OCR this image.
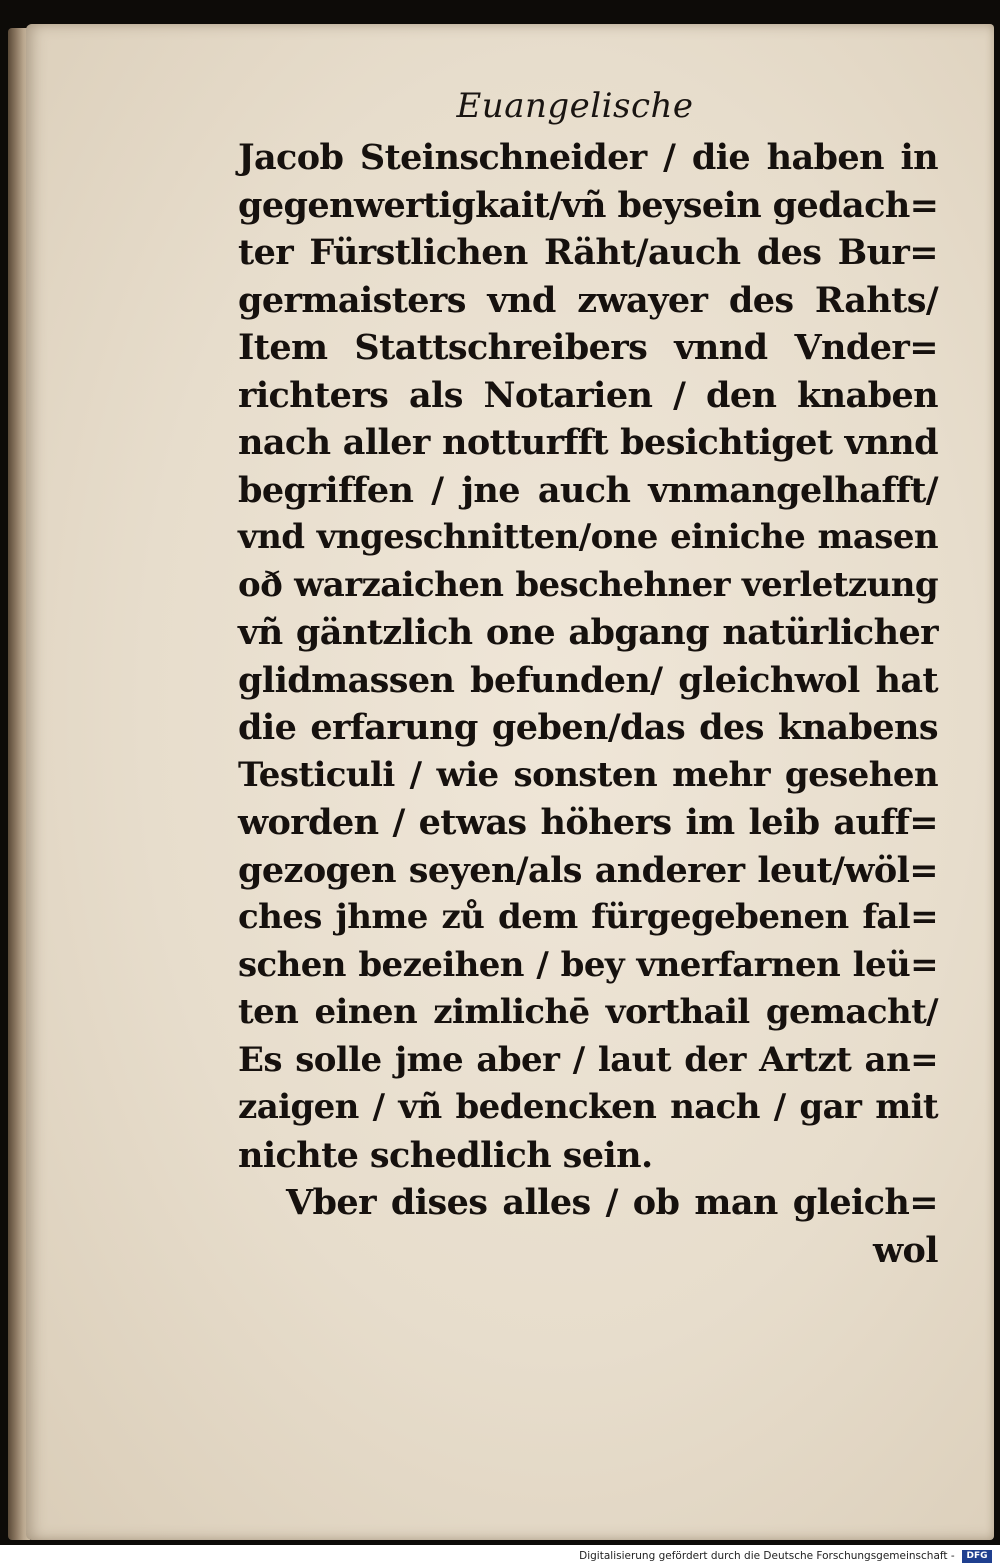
Euangelische
Jacob Steinschneider / die haben in
gegenwertigkait/vñ beysein gedach=
ter Fürstlichen Räht/auch des Bur=
germaisters vnd zwayer des Rahts/
Item Stattschreibers vnnd Vnder=
richters als Notarien / den knaben
nach aller notturfft besichtiget vnnd
begriffen / jne auch vnmangelhafft/
vnd vngeschnitten/one einiche masen
oð warzaichen beschehner verletzung
vñ gäntzlich one abgang natürlicher
glidmassen befunden/ gleichwol hat
die erfarung geben/das des knabens
Testiculi / wie sonsten mehr gesehen
worden / etwas höhers im leib auff=
gezogen seyen/als anderer leut/wöl=
ches jhme zů dem fürgegebenen fal=
schen bezeihen / bey vnerfarnen leü=
ten einen zimlichē vorthail gemacht/
Es solle jme aber / laut der Artzt an=
zaigen / vñ bedencken nach / gar mit
nichte schedlich sein.
Vber dises alles / ob man gleich=
wol
Digitalisierung gefördert durch die Deutsche Forschungsgemeinschaft - DFG
